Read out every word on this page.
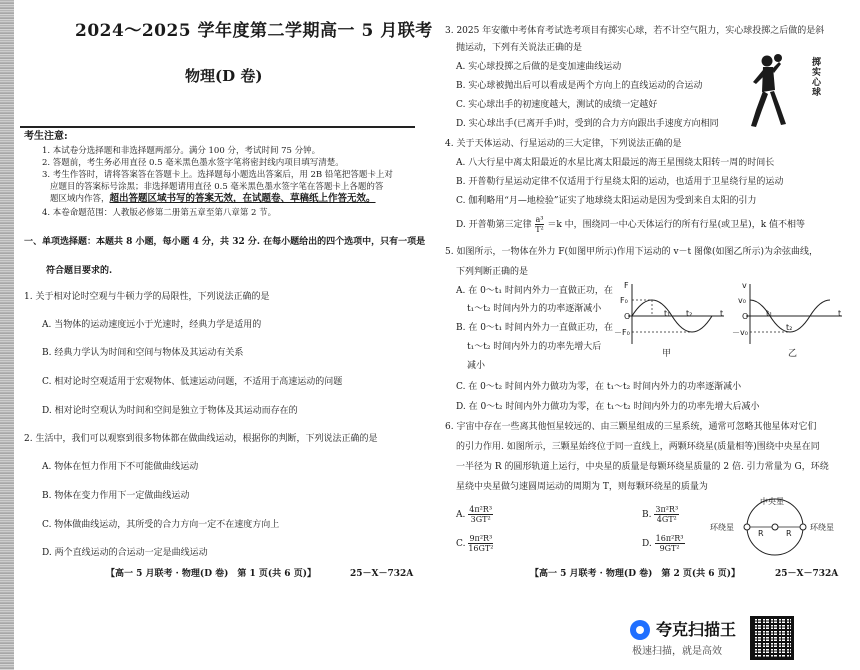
2024～2025 学年度第二学期高一 5 月联考
物理(D 卷)
考生注意:
1. 本试卷分选择题和非选择题两部分。满分 100 分，考试时间 75 分钟。
2. 答题前，考生务必用直径 0.5 毫米黑色墨水签字笔将密封线内项目填写清楚。
3. 考生作答时，请将答案答在答题卡上。选择题每小题选出答案后，用 2B 铅笔把答题卡上对
应题目的答案标号涂黑；非选择题请用直径 0.5 毫米黑色墨水签字笔在答题卡上各题的答
题区域内作答，超出答题区域书写的答案无效，在试题卷、草稿纸上作答无效。
4. 本卷命题范围：人教版必修第二册第五章至第八章第 2 节。
一、单项选择题：本题共 8 小题，每小题 4 分，共 32 分. 在每小题给出的四个选项中，只有一项是
符合题目要求的.
1. 关于相对论时空观与牛顿力学的局限性，下列说法正确的是
A. 当物体的运动速度远小于光速时，经典力学是适用的
B. 经典力学认为时间和空间与物体及其运动有关系
C. 相对论时空观适用于宏观物体、低速运动问题，不适用于高速运动的问题
D. 相对论时空观认为时间和空间是独立于物体及其运动而存在的
2. 生活中，我们可以观察到很多物体都在做曲线运动，根据你的判断，下列说法正确的是
A. 物体在恒力作用下不可能做曲线运动
B. 物体在变力作用下一定做曲线运动
C. 物体做曲线运动，其所受的合力方向一定不在速度方向上
D. 两个直线运动的合运动一定是曲线运动
【高一 5 月联考 · 物理(D 卷)　第 1 页(共 6 页)】	25－X－732A
3. 2025 年安徽中考体育考试选考项目有掷实心球，若不计空气阻力，实心球投掷之后做的是斜
抛运动，下列有关说法正确的是
A. 实心球投掷之后做的是变加速曲线运动
B. 实心球被抛出后可以看成是两个方向上的直线运动的合运动
C. 实心球出手的初速度越大，测试的成绩一定越好
D. 实心球出手(已离开手)时，受到的合力方向跟出手速度方向相同
掷实心球
4. 关于天体运动、行星运动的三大定律，下列说法正确的是
A. 八大行星中离太阳最近的水星比离太阳最远的海王星围绕太阳转一周的时间长
B. 开普勒行星运动定律不仅适用于行星绕太阳的运动，也适用于卫星绕行星的运动
C. 伽利略用“月—地检验”证实了地球绕太阳运动是因为受到来自太阳的引力
D. 开普勒第三定律 $\frac{\text{a³}}{\text{T²}} =k$ 中，围绕同一中心天体运行的所有行星(或卫星)，k 值不相等
5. 如图所示，一物体在外力 F(如图甲所示)作用下运动的 v－t 图像(如图乙所示)为余弦曲线，
下列判断正确的是
A. 在 0～t₁ 时间内外力一直做正功，在
t₁～t₂ 时间内外力的功率逐渐减小
B. 在 0～t₁ 时间内外力一直做正功，在
t₁～t₂ 时间内外力的功率先增大后
减小
F
F₀
－F₀
O	t₁ t₂	t
甲
v
v₀
－v₀
O t₁
t₂
t
乙
C. 在 0～t₂ 时间内外力做功为零，在 t₁～t₂ 时间内外力的功率逐渐减小
D. 在 0～t₂ 时间内外力做功为零，在 t₁～t₂ 时间内外力的功率先增大后减小
6. 宇宙中存在一些离其他恒星较远的、由三颗星组成的三星系统，通常可忽略其他星体对它们
的引力作用. 如图所示，三颗星始终位于同一直线上，两颗环绕星(质量相等)围绕中央星在同
一半径为 R 的圆形轨道上运行，中央星的质量是每颗环绕星质量的 2 倍. 引力常量为 G，环绕
星绕中央星做匀速圆周运动的周期为 T，则每颗环绕星的质量为
A. $\frac{\text{4π²R³}}{\text{3GT²}}$	B. $\frac{\text{3π²R³}}{\text{4GT²}}$
C. $\frac{\text{9π²R³}}{\text{16GT²}}$	D. $\frac{\text{16π²R³}}{\text{9GT²}}$
中央星
环绕星	环绕星
R	R
【高一 5 月联考 · 物理(D 卷)　第 2 页(共 6 页)】	25－X－732A
夸克扫描王
极速扫描，就是高效
